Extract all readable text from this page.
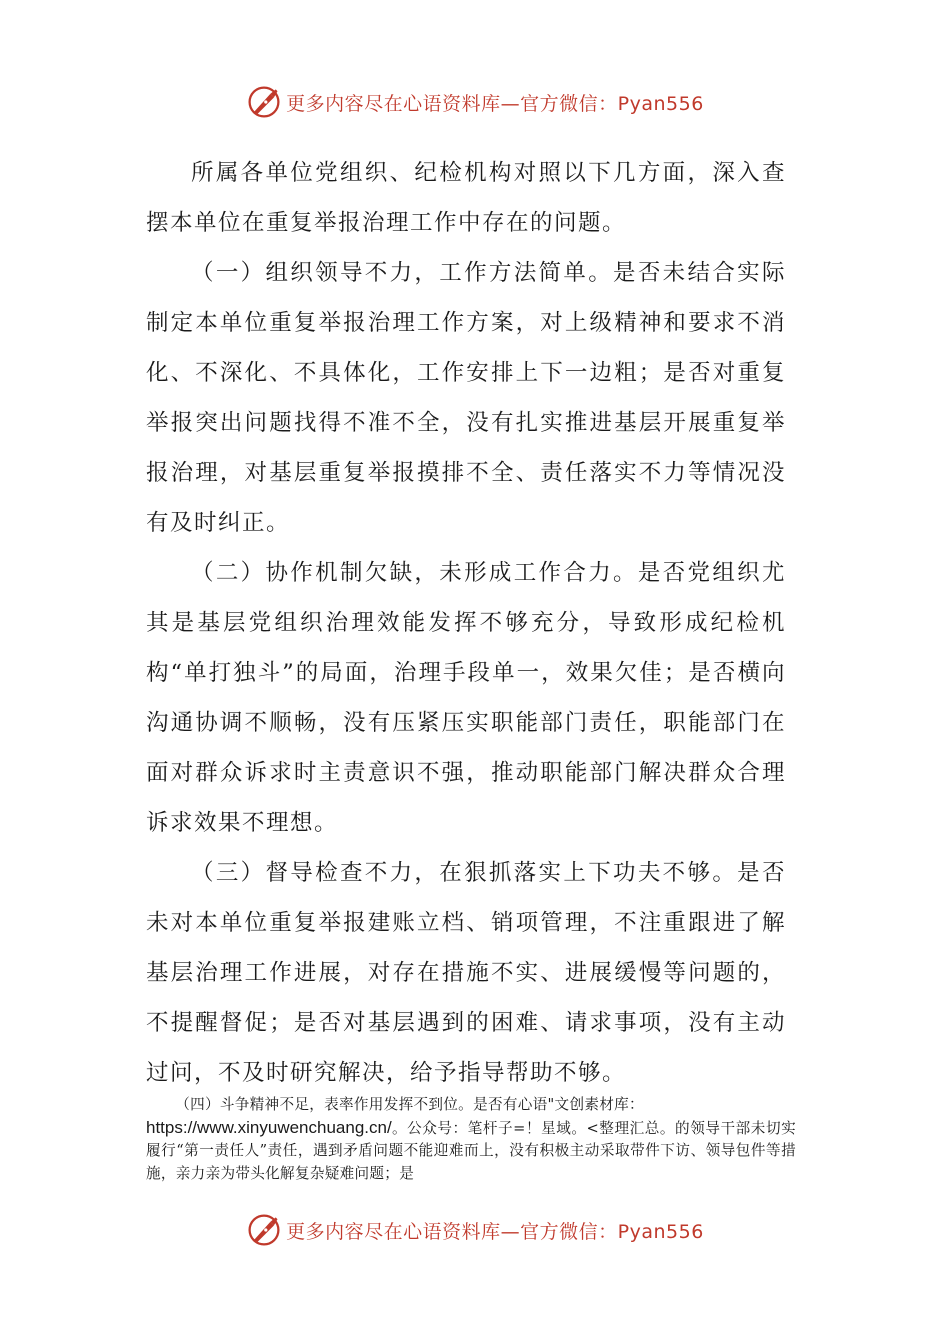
更多内容尽在心语资料库—官方微信：Pyan556

所属各单位党组织、纪检机构对照以下几方面，深入查摆本单位在重复举报治理工作中存在的问题。

（一）组织领导不力，工作方法简单。是否未结合实际制定本单位重复举报治理工作方案，对上级精神和要求不消化、不深化、不具体化，工作安排上下一边粗；是否对重复举报突出问题找得不准不全，没有扎实推进基层开展重复举报治理，对基层重复举报摸排不全、责任落实不力等情况没有及时纠正。

（二）协作机制欠缺，未形成工作合力。是否党组织尤其是基层党组织治理效能发挥不够充分，导致形成纪检机构“单打独斗”的局面，治理手段单一，效果欠佳；是否横向沟通协调不顺畅，没有压紧压实职能部门责任，职能部门在面对群众诉求时主责意识不强，推动职能部门解决群众合理诉求效果不理想。

（三）督导检查不力，在狠抓落实上下功夫不够。是否未对本单位重复举报建账立档、销项管理，不注重跟进了解基层治理工作进展，对存在措施不实、进展缓慢等问题的，不提醒督促；是否对基层遇到的困难、请求事项，没有主动过问，不及时研究解决，给予指导帮助不够。

（四）斗争精神不足，表率作用发挥不到位。是否有心语"文创素材库：
https://www.xinyuwenchuang.cn/。公众号：笔杆子=！星域。<整理汇总。的领导干部未切实履行“第一责任人”责任，遇到矛盾问题不能迎难而上，没有积极主动采取带件下访、领导包件等措施，亲力亲为带头化解复杂疑难问题；是

更多内容尽在心语资料库—官方微信：Pyan556
